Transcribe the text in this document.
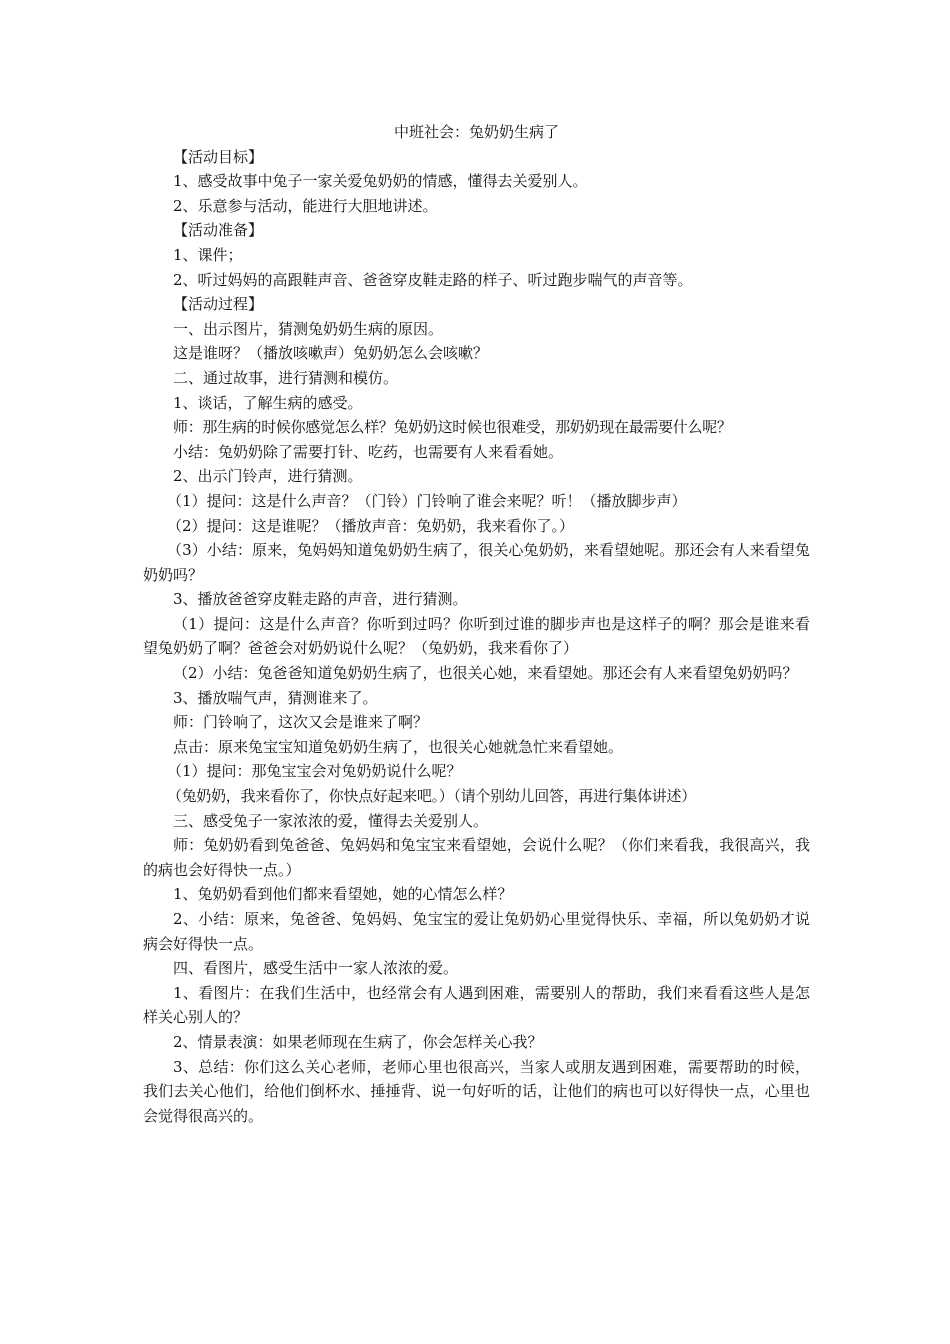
中班社会：兔奶奶生病了

【活动目标】

1、感受故事中兔子一家关爱兔奶奶的情感，懂得去关爱别人。

2、乐意参与活动，能进行大胆地讲述。

【活动准备】

1、课件；

2、听过妈妈的高跟鞋声音、爸爸穿皮鞋走路的样子、听过跑步喘气的声音等。

【活动过程】

一、出示图片，猜测兔奶奶生病的原因。

这是谁呀？（播放咳嗽声）兔奶奶怎么会咳嗽？

二、通过故事，进行猜测和模仿。

1、谈话，了解生病的感受。

师：那生病的时候你感觉怎么样？兔奶奶这时候也很难受，那奶奶现在最需要什么呢？

小结：兔奶奶除了需要打针、吃药，也需要有人来看看她。

2、出示门铃声，进行猜测。

（1）提问：这是什么声音？（门铃）门铃响了谁会来呢？听！（播放脚步声）

（2）提问：这是谁呢？（播放声音：兔奶奶，我来看你了。）

（3）小结：原来，兔妈妈知道兔奶奶生病了，很关心兔奶奶，来看望她呢。那还会有人来看望兔奶奶吗？

3、播放爸爸穿皮鞋走路的声音，进行猜测。

（1）提问：这是什么声音？你听到过吗？你听到过谁的脚步声也是这样子的啊？那会是谁来看望兔奶奶了啊？爸爸会对奶奶说什么呢？（兔奶奶，我来看你了）

（2）小结：兔爸爸知道兔奶奶生病了，也很关心她，来看望她。那还会有人来看望兔奶奶吗？

3、播放喘气声，猜测谁来了。

师：门铃响了，这次又会是谁来了啊？

点击：原来兔宝宝知道兔奶奶生病了，也很关心她就急忙来看望她。

（1）提问：那兔宝宝会对兔奶奶说什么呢？

（兔奶奶，我来看你了，你快点好起来吧。）（请个别幼儿回答，再进行集体讲述）

三、感受兔子一家浓浓的爱，懂得去关爱别人。

师：兔奶奶看到兔爸爸、兔妈妈和兔宝宝来看望她，会说什么呢？（你们来看我，我很高兴，我的病也会好得快一点。）

1、兔奶奶看到他们都来看望她，她的心情怎么样？

2、小结：原来，兔爸爸、兔妈妈、兔宝宝的爱让兔奶奶心里觉得快乐、幸福，所以兔奶奶才说病会好得快一点。

四、看图片，感受生活中一家人浓浓的爱。

1、看图片：在我们生活中，也经常会有人遇到困难，需要别人的帮助，我们来看看这些人是怎样关心别人的？

2、情景表演：如果老师现在生病了，你会怎样关心我？

3、总结：你们这么关心老师，老师心里也很高兴，当家人或朋友遇到困难，需要帮助的时候，我们去关心他们，给他们倒杯水、捶捶背、说一句好听的话，让他们的病也可以好得快一点，心里也会觉得很高兴的。
